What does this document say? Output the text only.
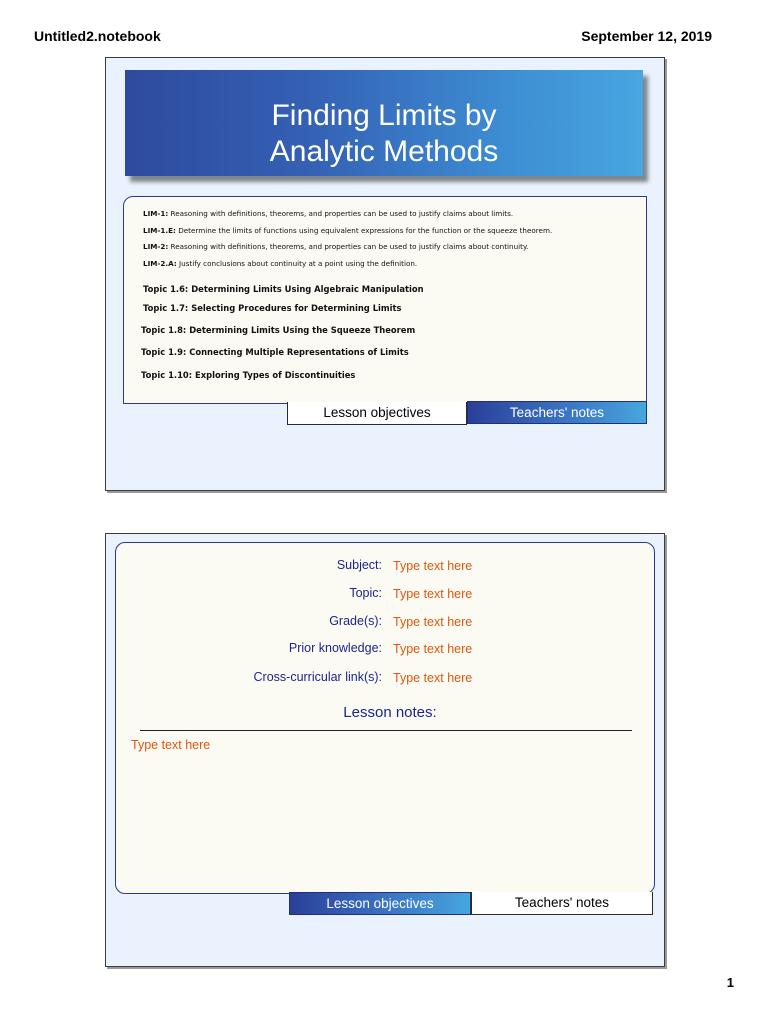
Untitled2.notebook	September 12, 2019
Finding Limits by
Analytic Methods
LIM-1: Reasoning with definitions, theorems, and properties can be used to justify claims about limits.
LIM-1.E: Determine the limits of functions using equivalent expressions for the function or the squeeze theorem.
LIM-2: Reasoning with definitions, theorems, and properties can be used to justify claims about continuity.
LIM-2.A: Justify conclusions about continuity at a point using the definition.
Topic 1.6: Determining Limits Using Algebraic Manipulation
Topic 1.7: Selecting Procedures for Determining Limits
Topic 1.8: Determining Limits Using the Squeeze Theorem
Topic 1.9: Connecting Multiple Representations of Limits
Topic 1.10: Exploring Types of Discontinuities
Lesson objectives	Teachers' notes
Subject: Type text here
Topic: Type text here
Grade(s): Type text here
Prior knowledge: Type text here
Cross-curricular link(s): Type text here
Lesson notes:
Type text here
Lesson objectives	Teachers' notes
1
